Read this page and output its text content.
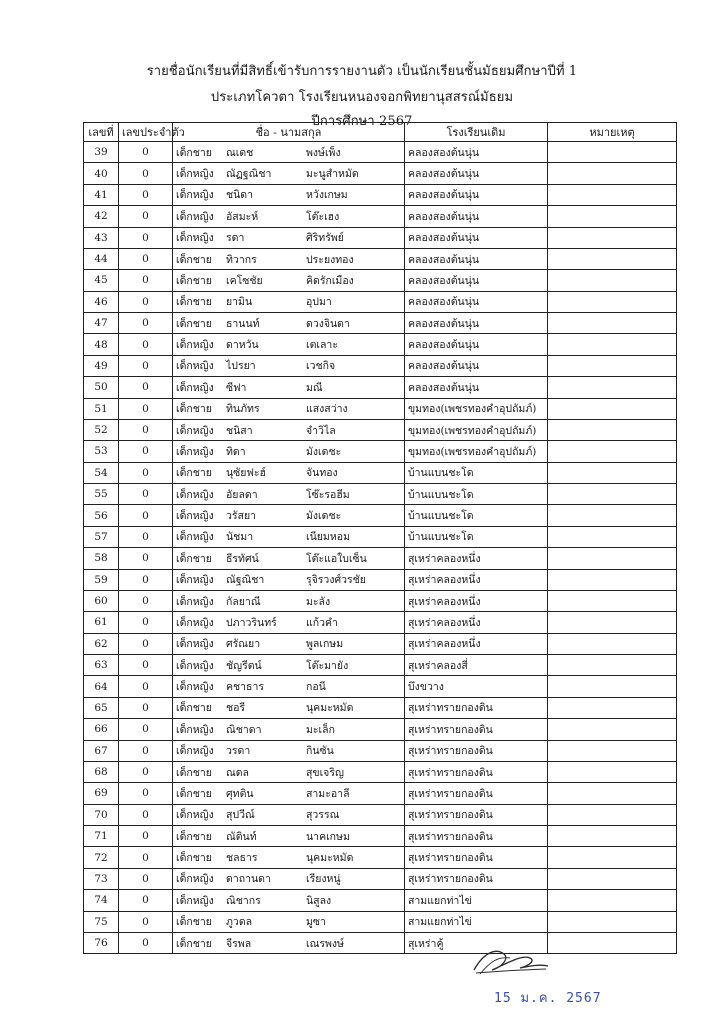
รายชื่อนักเรียนที่มีสิทธิ์เข้ารับการรายงานตัว เป็นนักเรียนชั้นมัธยมศึกษาปีที่ 1
ประเภทโควตา โรงเรียนหนองจอกพิทยานุสสรณ์มัธยม
ปีการศึกษา 2567
เลขที่	เลขประจำตัว	ชื่อ - นามสกุล	โรงเรียนเดิม	หมายเหตุ
39	0	เด็กชาย ณเดช พงษ์เพ็ง	คลองสองต้นนุ่น	
40	0	เด็กหญิง ณัฏฐณิชา มะนูสำหมัด	คลองสองต้นนุ่น	
41	0	เด็กหญิง ชนิดา หวังเกษม	คลองสองต้นนุ่น	
42	0	เด็กหญิง อัสมะห์ โต๊ะเฮง	คลองสองต้นนุ่น	
43	0	เด็กหญิง รดา ศิริทรัพย์	คลองสองต้นนุ่น	
44	0	เด็กชาย ทิวากร ประยงทอง	คลองสองต้นนุ่น	
45	0	เด็กชาย เคโซชัย คิดรักเมือง	คลองสองต้นนุ่น	
46	0	เด็กชาย ยามิน อุปมา	คลองสองต้นนุ่น	
47	0	เด็กชาย ธานนท์ ดวงจินดา	คลองสองต้นนุ่น	
48	0	เด็กหญิง ดาหวัน เตเลาะ	คลองสองต้นนุ่น	
49	0	เด็กหญิง ไปรยา เวชกิจ	คลองสองต้นนุ่น	
50	0	เด็กหญิง ซีฟา มณี	คลองสองต้นนุ่น	
51	0	เด็กชาย ทินภัทร แสงสว่าง	ขุมทอง(เพชรทองคำอุปถัมภ์)	
52	0	เด็กหญิง ชนิสา จำวิไล	ขุมทอง(เพชรทองคำอุปถัมภ์)	
53	0	เด็กหญิง ทิดา มังเดชะ	ขุมทอง(เพชรทองคำอุปถัมภ์)	
54	0	เด็กชาย นุซัยฟะฮ์ จันทอง	บ้านแบนชะโด	
55	0	เด็กหญิง อัยลดา โซ๊ะรอฮีม	บ้านแบนชะโด	
56	0	เด็กหญิง วรัสยา มังเดชะ	บ้านแบนชะโด	
57	0	เด็กหญิง นัชมา เนียมหอม	บ้านแบนชะโด	
58	0	เด็กชาย ธีรทัศน์ โต๊ะแอใบเซ็น	สุเหร่าคลองหนึ่ง	
59	0	เด็กหญิง ณัฐณิชา รุจิรวงศ์วรชัย	สุเหร่าคลองหนึ่ง	
60	0	เด็กหญิง กัลยาณี มะลัง	สุเหร่าคลองหนึ่ง	
61	0	เด็กหญิง ปภาวรินทร์ แก้วคำ	สุเหร่าคลองหนึ่ง	
62	0	เด็กหญิง ศรัณยา พูลเกษม	สุเหร่าคลองหนึ่ง	
63	0	เด็กหญิง ชัญรีตน์ โต๊ะมายัง	สุเหร่าคลองสี่	
64	0	เด็กหญิง คชาธาร กอนี	บึงขวาง	
65	0	เด็กชาย ชอรี นุคมะหมัด	สุเหร่าทรายกองดิน	
66	0	เด็กหญิง ณิชาดา มะเล็ก	สุเหร่าทรายกองดิน	
67	0	เด็กหญิง วรดา กินซัน	สุเหร่าทรายกองดิน	
68	0	เด็กชาย ณดล สุขเจริญ	สุเหร่าทรายกองดิน	
69	0	เด็กชาย ศุทติน สามะอาลี	สุเหร่าทรายกองดิน	
70	0	เด็กหญิง สุปวีณ์ สุวรรณ	สุเหร่าทรายกองดิน	
71	0	เด็กชาย ณัตินท์ นาคเกษม	สุเหร่าทรายกองดิน	
72	0	เด็กชาย ชลธาร นุคมะหมัด	สุเหร่าทรายกองดิน	
73	0	เด็กหญิง ดาถานดา เรียงหนู่	สุเหร่าทรายกองดิน	
74	0	เด็กหญิง ณิชากร นิสูลง	สามแยกท่าไข่	
75	0	เด็กชาย ภูวดล มูซา	สามแยกท่าไข่	
76	0	เด็กชาย จีรพล เณรพงษ์	สุเหร่าคู้	
15 ม.ค. 2567
